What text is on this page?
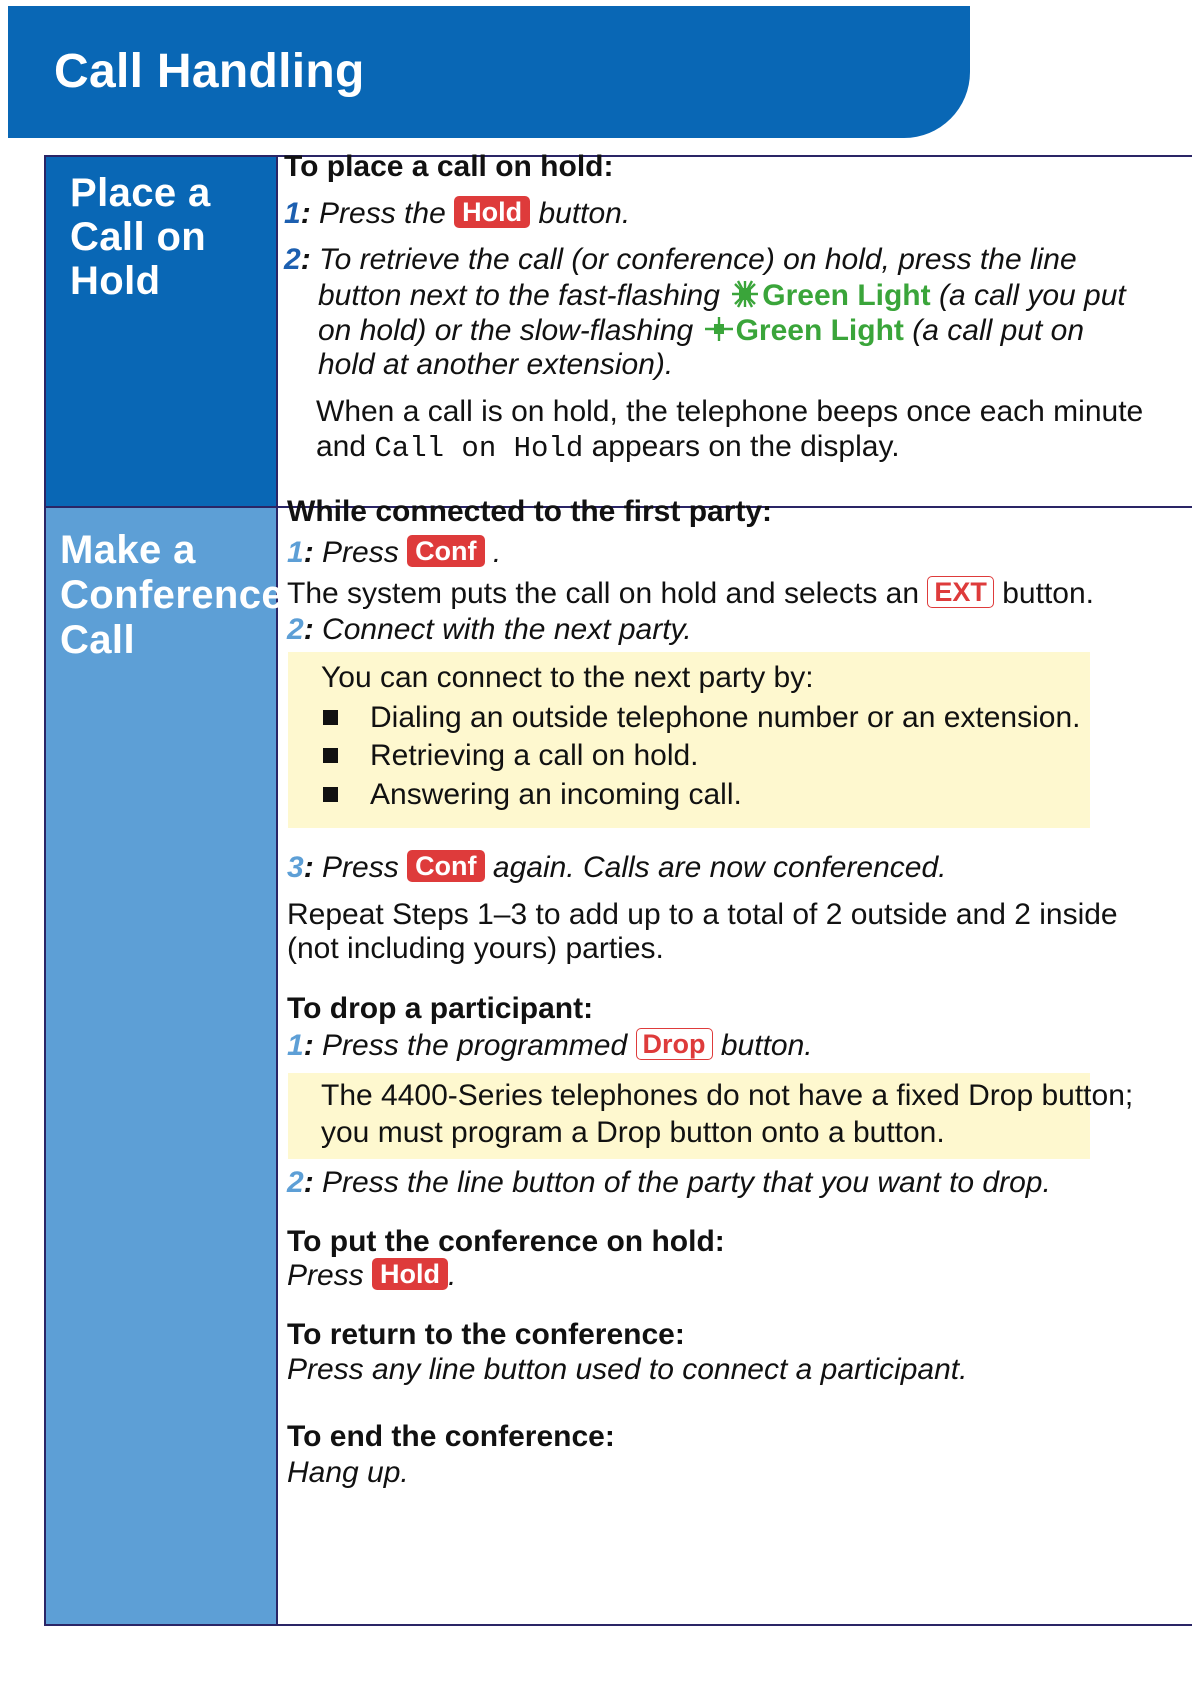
Call Handling
Place a
Call on
Hold
Make a
Conference
Call
To place a call on hold:
1: Press the Hold button.
2: To retrieve the call (or conference) on hold, press the line
button next to the fast-flashing Green Light (a call you put
on hold) or the slow-flashing Green Light (a call put on
hold at another extension).
When a call is on hold, the telephone beeps once each minute
and Call on Hold appears on the display.
While connected to the first party:
1: Press Conf .
The system puts the call on hold and selects an EXT button.
2: Connect with the next party.
You can connect to the next party by:
Dialing an outside telephone number or an extension.
Retrieving a call on hold.
Answering an incoming call.
3: Press Conf again. Calls are now conferenced.
Repeat Steps 1–3 to add up to a total of 2 outside and 2 inside
(not including yours) parties.
To drop a participant:
1: Press the programmed Drop button.
The 4400-Series telephones do not have a fixed Drop button;
you must program a Drop button onto a button.
2: Press the line button of the party that you want to drop.
To put the conference on hold:
Press Hold .
To return to the conference:
Press any line button used to connect a participant.
To end the conference:
Hang up.
